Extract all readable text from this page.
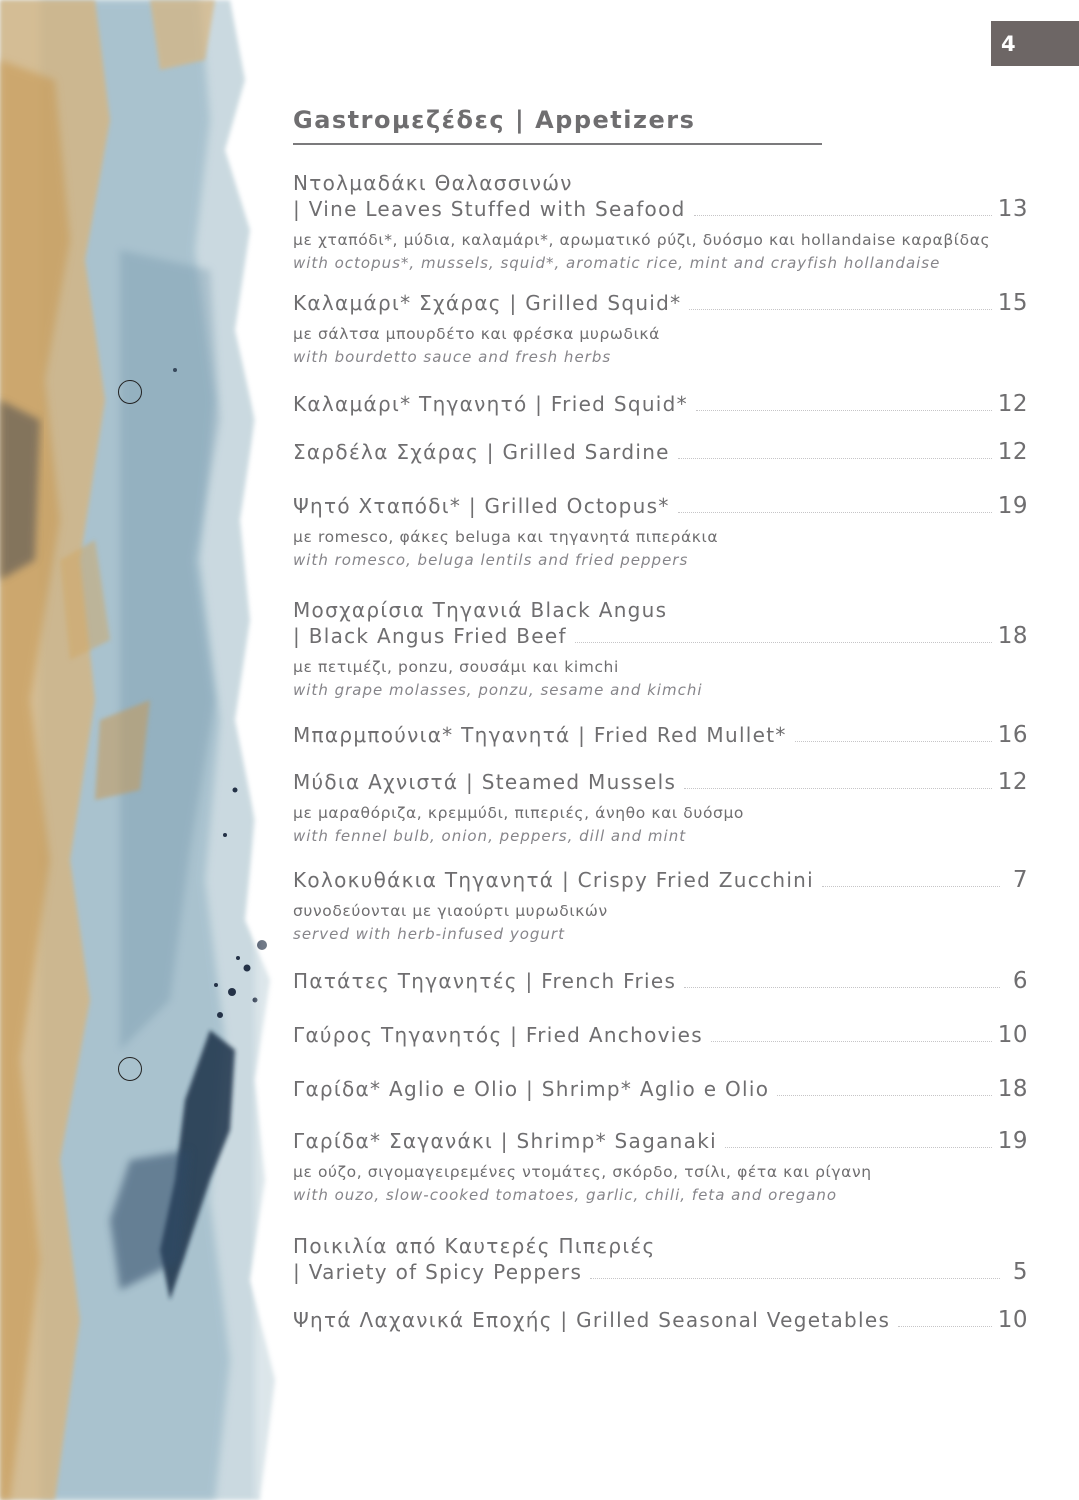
4
Gastroμεζέδες | Appetizers
Ντολμαδάκι Θαλασσινών
| Vine Leaves Stuffed with Seafood	13
με χταπόδι*, μύδια, καλαμάρι*, αρωματικό ρύζι, δυόσμο και hollandaise καραβίδας
with octopus*, mussels, squid*, aromatic rice, mint and crayfish hollandaise
Καλαμάρι* Σχάρας | Grilled Squid*	15
με σάλτσα μπουρδέτο και φρέσκα μυρωδικά
with bourdetto sauce and fresh herbs
Καλαμάρι* Τηγανητό | Fried Squid*	12
Σαρδέλα Σχάρας | Grilled Sardine	12
Ψητό Χταπόδι* | Grilled Octopus*	19
με romesco, φάκες beluga και τηγανητά πιπεράκια
with romesco, beluga lentils and fried peppers
Μοσχαρίσια Τηγανιά Black Angus
| Black Angus Fried Beef	18
με πετιμέζι, ponzu, σουσάμι και kimchi
with grape molasses, ponzu, sesame and kimchi
Μπαρμπούνια* Τηγανητά | Fried Red Mullet*	16
Μύδια Αχνιστά | Steamed Mussels	12
με μαραθόριζα, κρεμμύδι, πιπεριές, άνηθο και δυόσμο
with fennel bulb, onion, peppers, dill and mint
Κολοκυθάκια Τηγανητά | Crispy Fried Zucchini	7
συνοδεύονται με γιαούρτι μυρωδικών
served with herb-infused yogurt
Πατάτες Τηγανητές | French Fries	6
Γαύρος Τηγανητός | Fried Anchovies	10
Γαρίδα* Aglio e Olio | Shrimp* Aglio e Olio	18
Γαρίδα* Σαγανάκι | Shrimp* Saganaki	19
με ούζο, σιγομαγειρεμένες ντομάτες, σκόρδο, τσίλι, φέτα και ρίγανη
with ouzo, slow-cooked tomatoes, garlic, chili, feta and oregano
Ποικιλία από Καυτερές Πιπεριές
| Variety of Spicy Peppers	5
Ψητά Λαχανικά Εποχής | Grilled Seasonal Vegetables	10
